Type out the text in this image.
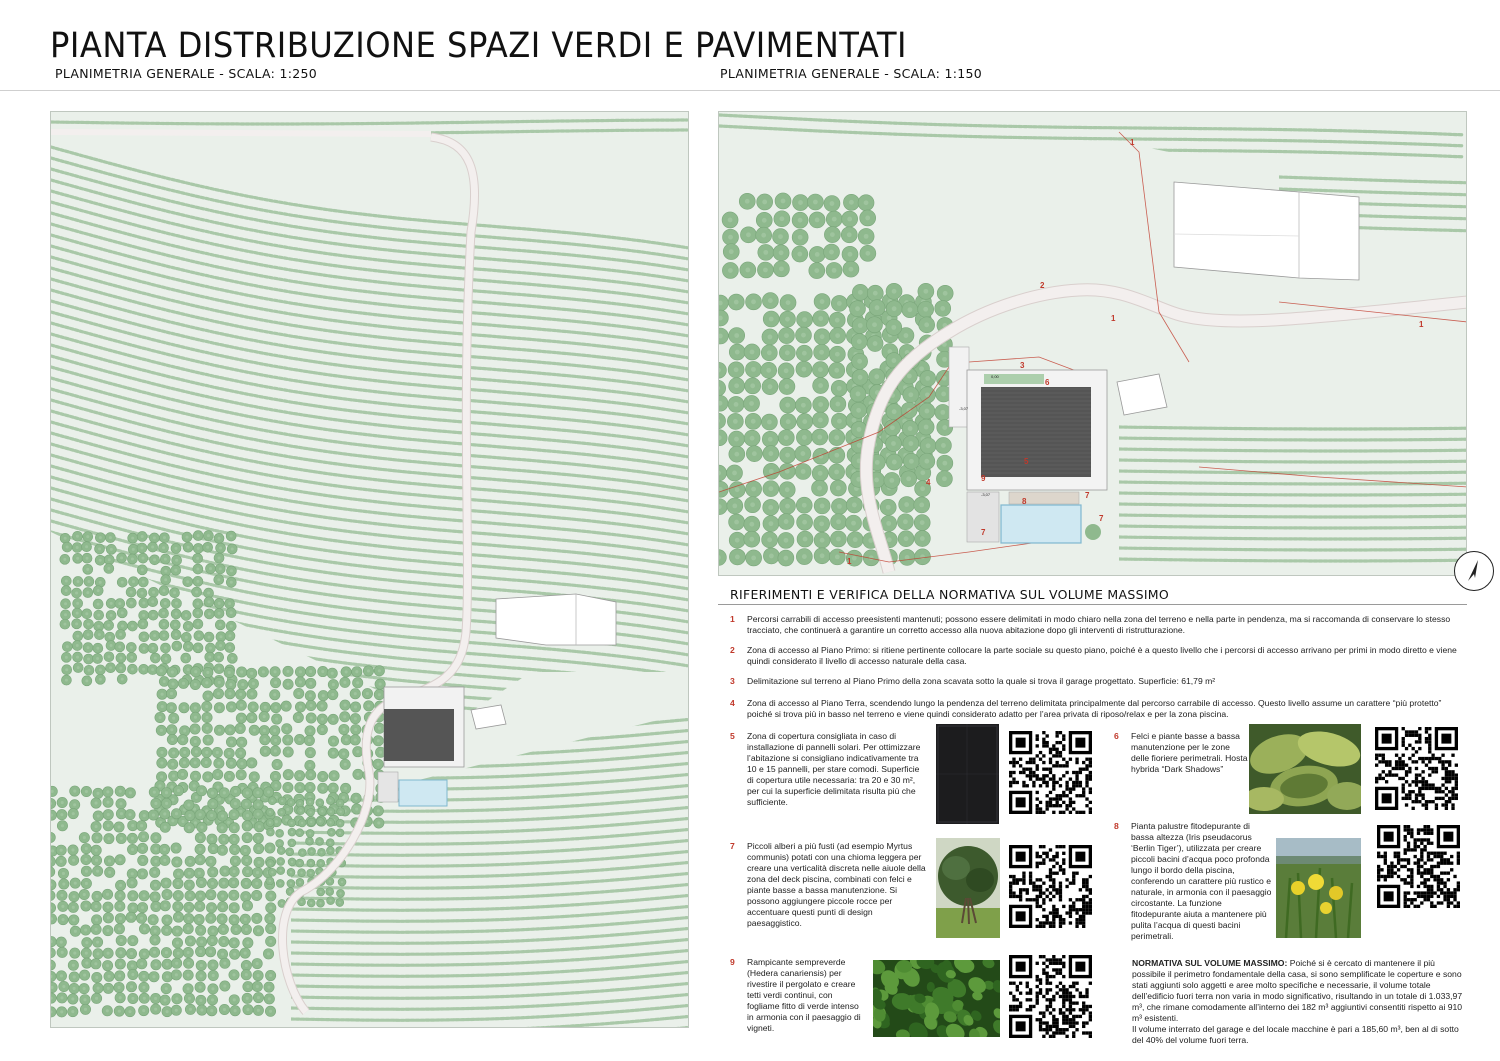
PIANTA DISTRIBUZIONE SPAZI VERDI E PAVIMENTATI
PLANIMETRIA GENERALE - SCALA: 1:250	PLANIMETRIA GENERALE - SCALA: 1:150
1
2
1
1
3
6
4
5
9
8
7
7
7
1
0,00
-3,07
-3,07
RIFERIMENTI E VERIFICA DELLA NORMATIVA SUL VOLUME MASSIMO
1 Percorsi carrabili di accesso preesistenti mantenuti; possono essere delimitati in modo chiaro nella zona del terreno e nella parte in pendenza, ma si raccomanda di conservare lo stesso tracciato, che continuerà a garantire un corretto accesso alla nuova abitazione dopo gli interventi di ristrutturazione.
2 Zona di accesso al Piano Primo: si ritiene pertinente collocare la parte sociale su questo piano, poiché è a questo livello che i percorsi di accesso arrivano per primi in modo diretto e viene quindi considerato il livello di accesso naturale della casa.
3 Delimitazione sul terreno al Piano Primo della zona scavata sotto la quale si trova il garage progettato. Superficie: 61,79 m²
4 Zona di accesso al Piano Terra, scendendo lungo la pendenza del terreno delimitata principalmente dal percorso carrabile di accesso. Questo livello assume un carattere “più protetto” poiché si trova più in basso nel terreno e viene quindi considerato adatto per l’area privata di riposo/relax e per la zona piscina.
5 Zona di copertura consigliata in caso di installazione di pannelli solari. Per ottimizzare l’abitazione si consigliano indicativamente tra 10 e 15 pannelli, per stare comodi. Superficie di copertura utile necessaria: tra 20 e 30 m², per cui la superficie delimitata risulta più che sufficiente.
6 Felci e piante basse a bassa manutenzione per le zone delle fioriere perimetrali. Hosta hybrida “Dark Shadows”
7 Piccoli alberi a più fusti (ad esempio Myrtus communis) potati con una chioma leggera per creare una verticalità discreta nelle aiuole della zona del deck piscina, combinati con felci e piante basse a bassa manutenzione. Si possono aggiungere piccole rocce per accentuare questi punti di design paesaggistico.
8 Pianta palustre fitodepurante di bassa altezza (Iris pseudacorus ‘Berlin Tiger’), utilizzata per creare piccoli bacini d’acqua poco profonda lungo il bordo della piscina, conferendo un carattere più rustico e naturale, in armonia con il paesaggio circostante. La funzione fitodepurante aiuta a mantenere più pulita l’acqua di questi bacini perimetrali.
9 Rampicante sempreverde (Hedera canariensis) per rivestire il pergolato e creare tetti verdi continui, con fogliame fitto di verde intenso in armonia con il paesaggio di vigneti.
NORMATIVA SUL VOLUME MASSIMO: Poiché si è cercato di mantenere il più possibile il perimetro fondamentale della casa, si sono semplificate le coperture e sono stati aggiunti solo aggetti e aree molto specifiche e necessarie, il volume totale dell’edificio fuori terra non varia in modo significativo, risultando in un totale di 1.033,97 m³, che rimane comodamente all’interno dei 182 m³ aggiuntivi consentiti rispetto ai 910 m³ esistenti.
Il volume interrato del garage e del locale macchine è pari a 185,60 m³, ben al di sotto del 40% del volume fuori terra.
